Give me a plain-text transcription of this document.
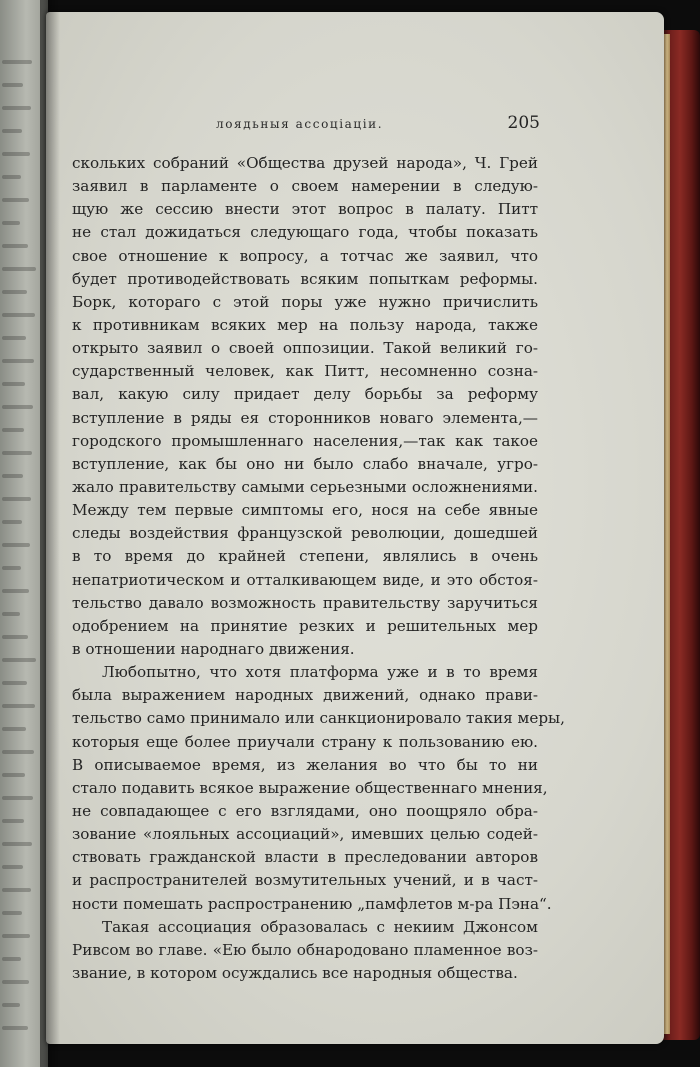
лоядьныя ассоціаціи.	205
скольких собраний «Общества друзей народа», Ч. Грей
заявил в парламенте о своем намерении в следую-
щую же сессию внести этот вопрос в палату. Питт
не стал дожидаться следующаго года, чтобы показать
свое отношение к вопросу, а тотчас же заявил, что
будет противодействовать всяким попыткам реформы.
Борк, котораго с этой поры уже нужно причислить
к противникам всяких мер на пользу народа, также
открыто заявил о своей оппозиции. Такой великий го-
сударственный человек, как Питт, несомненно сознa-
вал, какую силу придает делу борьбы за реформу
вступление в ряды ея сторонников новаго элемента,—
городского промышленнаго населения,—так как такое
вступление, как бы оно ни было слабо вначале, угро-
жало правительству самыми серьезными осложнениями.
Между тем первые симптомы его, нося на себе явные
следы воздействия французской революции, дошедшей
в то время до крайней степени, являлись в очень
непатриотическом и отталкивающем виде, и это обстоя-
тельство давало возможность правительству заручиться
одобрением на принятие резких и решительных мер
в отношении народнаго движения.
Любопытно, что хотя платформа уже и в то время
была выражением народных движений, однако прави-
тельство само принимало или санкционировало такия меры,
которыя еще более приучали страну к пользованию ею.
В описываемое время, из желания во что бы то ни
стало подавить всякое выражение общественнаго мнения,
не совпадающее с его взглядами, оно поощряло обра-
зование «лояльных ассоциаций», имевших целью содей-
ствовать гражданской власти в преследовании авторов
и распространителей возмутительных учений, и в част-
ности помешать распространению „памфлетов м-ра Пэна“.
Такая ассоциация образовалась с некиим Джонсом
Ривсом во главе. «Ею было обнародовано пламенное воз-
звание, в котором осуждались все народныя общества.
